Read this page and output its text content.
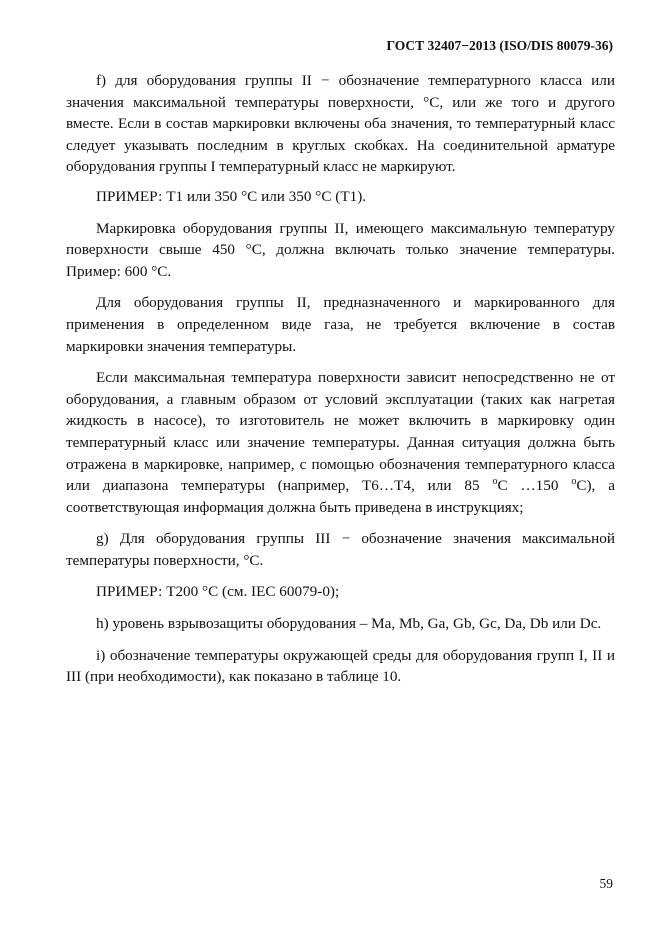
ГОСТ 32407−2013 (ISO/DIS 80079-36)

f) для оборудования группы II − обозначение температурного класса или значения максимальной температуры поверхности, °С, или же того и другого вместе. Если в состав маркировки включены оба значения, то температурный класс следует указывать последним в круглых скобках. На соединительной арматуре оборудования группы I температурный класс не маркируют.

ПРИМЕР: Т1 или 350 °С или 350 °С (Т1).

Маркировка оборудования группы II, имеющего максимальную температуру поверхности свыше 450 °С, должна включать только значение температуры. Пример: 600 °С.

Для оборудования группы II, предназначенного и маркированного для применения в определенном виде газа, не требуется включение в состав маркировки значения температуры.

Если максимальная температура поверхности зависит непосредственно не от оборудования, а главным образом от условий эксплуатации (таких как нагретая жидкость в насосе), то изготовитель не может включить в маркировку один температурный класс или значение температуры. Данная ситуация должна быть отражена в маркировке, например, с помощью обозначения температурного класса или диапазона температуры (например, Т6…Т4, или 85 $^о$С …150 $^о$С), а соответствующая информация должна быть приведена в инструкциях;

g) Для оборудования группы III − обозначение значения максимальной температуры поверхности, °С.

ПРИМЕР: Т200 °С (см. IEC 60079-0);

h) уровень взрывозащиты оборудования – Ma, Mb, Ga, Gb, Gc, Da, Db или Dc.

i) обозначение температуры окружающей среды для оборудования групп I, II и III (при необходимости), как показано в таблице 10.

59
